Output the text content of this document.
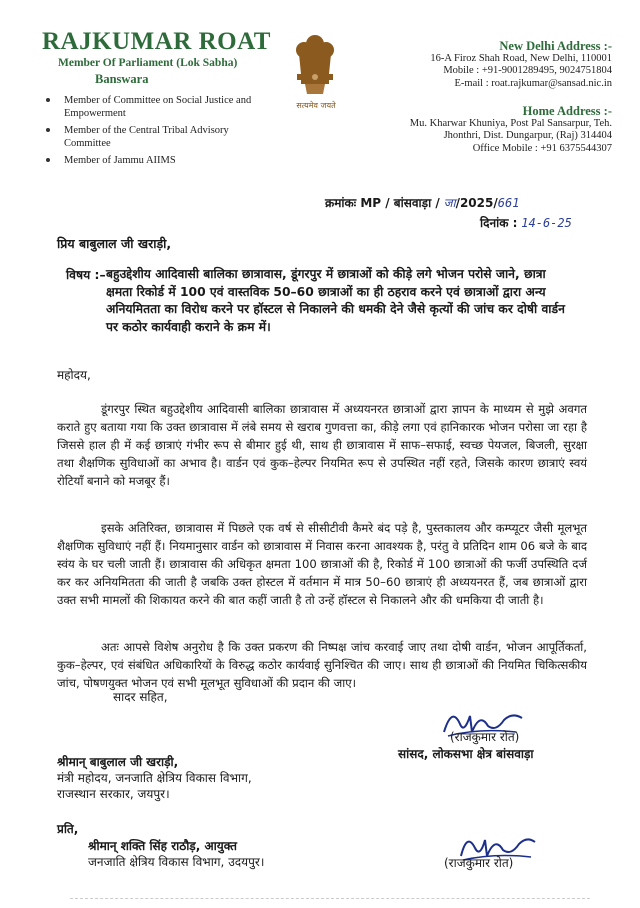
RAJKUMAR ROAT
Member Of Parliament (Lok Sabha)
Banswara
Member of Committee on Social Justice and Empowerment
Member of the Central Tribal Advisory Committee
Member of Jammu AIIMS
सत्यमेव जयते
New Delhi Address :-
16-A Firoz Shah Road, New Delhi, 110001
Mobile : +91-9001289495, 9024751804
E-mail : roat.rajkumar@sansad.nic.in
Home Address :-
Mu. Kharwar Khuniya, Post Pal Sansarpur, Teh.
Jhonthri, Dist. Dungarpur, (Raj) 314404
Office Mobile : +91 6375544307
क्रमांकः MP / बांसवाड़ा / जा/2025/661
दिनांक : 14-6-25
प्रिय बाबुलाल जी खराड़ी,
विषय :– बहुउद्देशीय आदिवासी बालिका छात्रावास, डूंगरपुर में छात्राओं को कीड़े लगे भोजन परोसे जाने, छात्रा क्षमता रिकोर्ड में 100 एवं वास्तविक 50–60 छात्राओं का ही ठहराव करने एवं छात्राओं द्वारा अन्य अनियमितता का विरोध करने पर हॉस्टल से निकालने की धमकी देने जैसे कृत्यों की जांच कर दोषी वार्डन पर कठोर कार्यवाही कराने के क्रम में।
महोदय,
डूंगरपुर स्थित बहुउद्देशीय आदिवासी बालिका छात्रावास में अध्ययनरत छात्राओं द्वारा ज्ञापन के माध्यम से मुझे अवगत कराते हुए बताया गया कि उक्त छात्रावास में लंबे समय से खराब गुणवत्ता का, कीड़े लगा एवं हानिकारक भोजन परोसा जा रहा है जिससे हाल ही में कई छात्राएं गंभीर रूप से बीमार हुई थी, साथ ही छात्रावास में साफ–सफाई, स्वच्छ पेयजल, बिजली, सुरक्षा तथा शैक्षणिक सुविधाओं का अभाव है। वार्डन एवं कुक–हेल्पर नियमित रूप से उपस्थित नहीं रहते, जिसके कारण छात्राएं स्वयं रोटियाँ बनाने को मजबूर हैं।
इसके अतिरिक्त, छात्रावास में पिछले एक वर्ष से सीसीटीवी कैमरे बंद पड़े है, पुस्तकालय और कम्प्यूटर जैसी मूलभूत शैक्षणिक सुविधाएं नहीं हैं। नियमानुसार वार्डन को छात्रावास में निवास करना आवश्यक है, परंतु वे प्रतिदिन शाम 06 बजे के बाद स्वंय के घर चली जाती हैं। छात्रावास की अधिकृत क्षमता 100 छात्राओं की है, रिकोर्ड में 100 छात्राओं की फर्जी उपस्थिति दर्ज कर कर अनियमितता की जाती है जबकि उक्त होस्टल में वर्तमान में मात्र 50–60 छात्राएं ही अध्ययनरत हैं, जब छात्राओं द्वारा उक्त सभी मामलों की शिकायत करने की बात कहीं जाती है तो उन्हें हॉस्टल से निकालने और की धमकिया दी जाती है।
अतः आपसे विशेष अनुरोध है कि उक्त प्रकरण की निष्पक्ष जांच करवाई जाए तथा दोषी वार्डन, भोजन आपूर्तिकर्ता, कुक–हेल्पर, एवं संबंधित अधिकारियों के विरुद्ध कठोर कार्यवाई सुनिश्चित की जाए। साथ ही छात्राओं की नियमित चिकित्सकीय जांच, पोषणयुक्त भोजन एवं सभी मूलभूत सुविधाओं की प्रदान की जाए।
सादर सहित,
(राजकुमार रोत)
सांसद, लोकसभा क्षेत्र बांसवाड़ा
श्रीमान् बाबुलाल जी खराड़ी,
मंत्री महोदय, जनजाति क्षेत्रिय विकास विभाग,
राजस्थान सरकार, जयपुर।
प्रति,
श्रीमान् शक्ति सिंह राठौड़, आयुक्त
जनजाति क्षेत्रिय विकास विभाग, उदयपुर।	(राजकुमार रोत)
